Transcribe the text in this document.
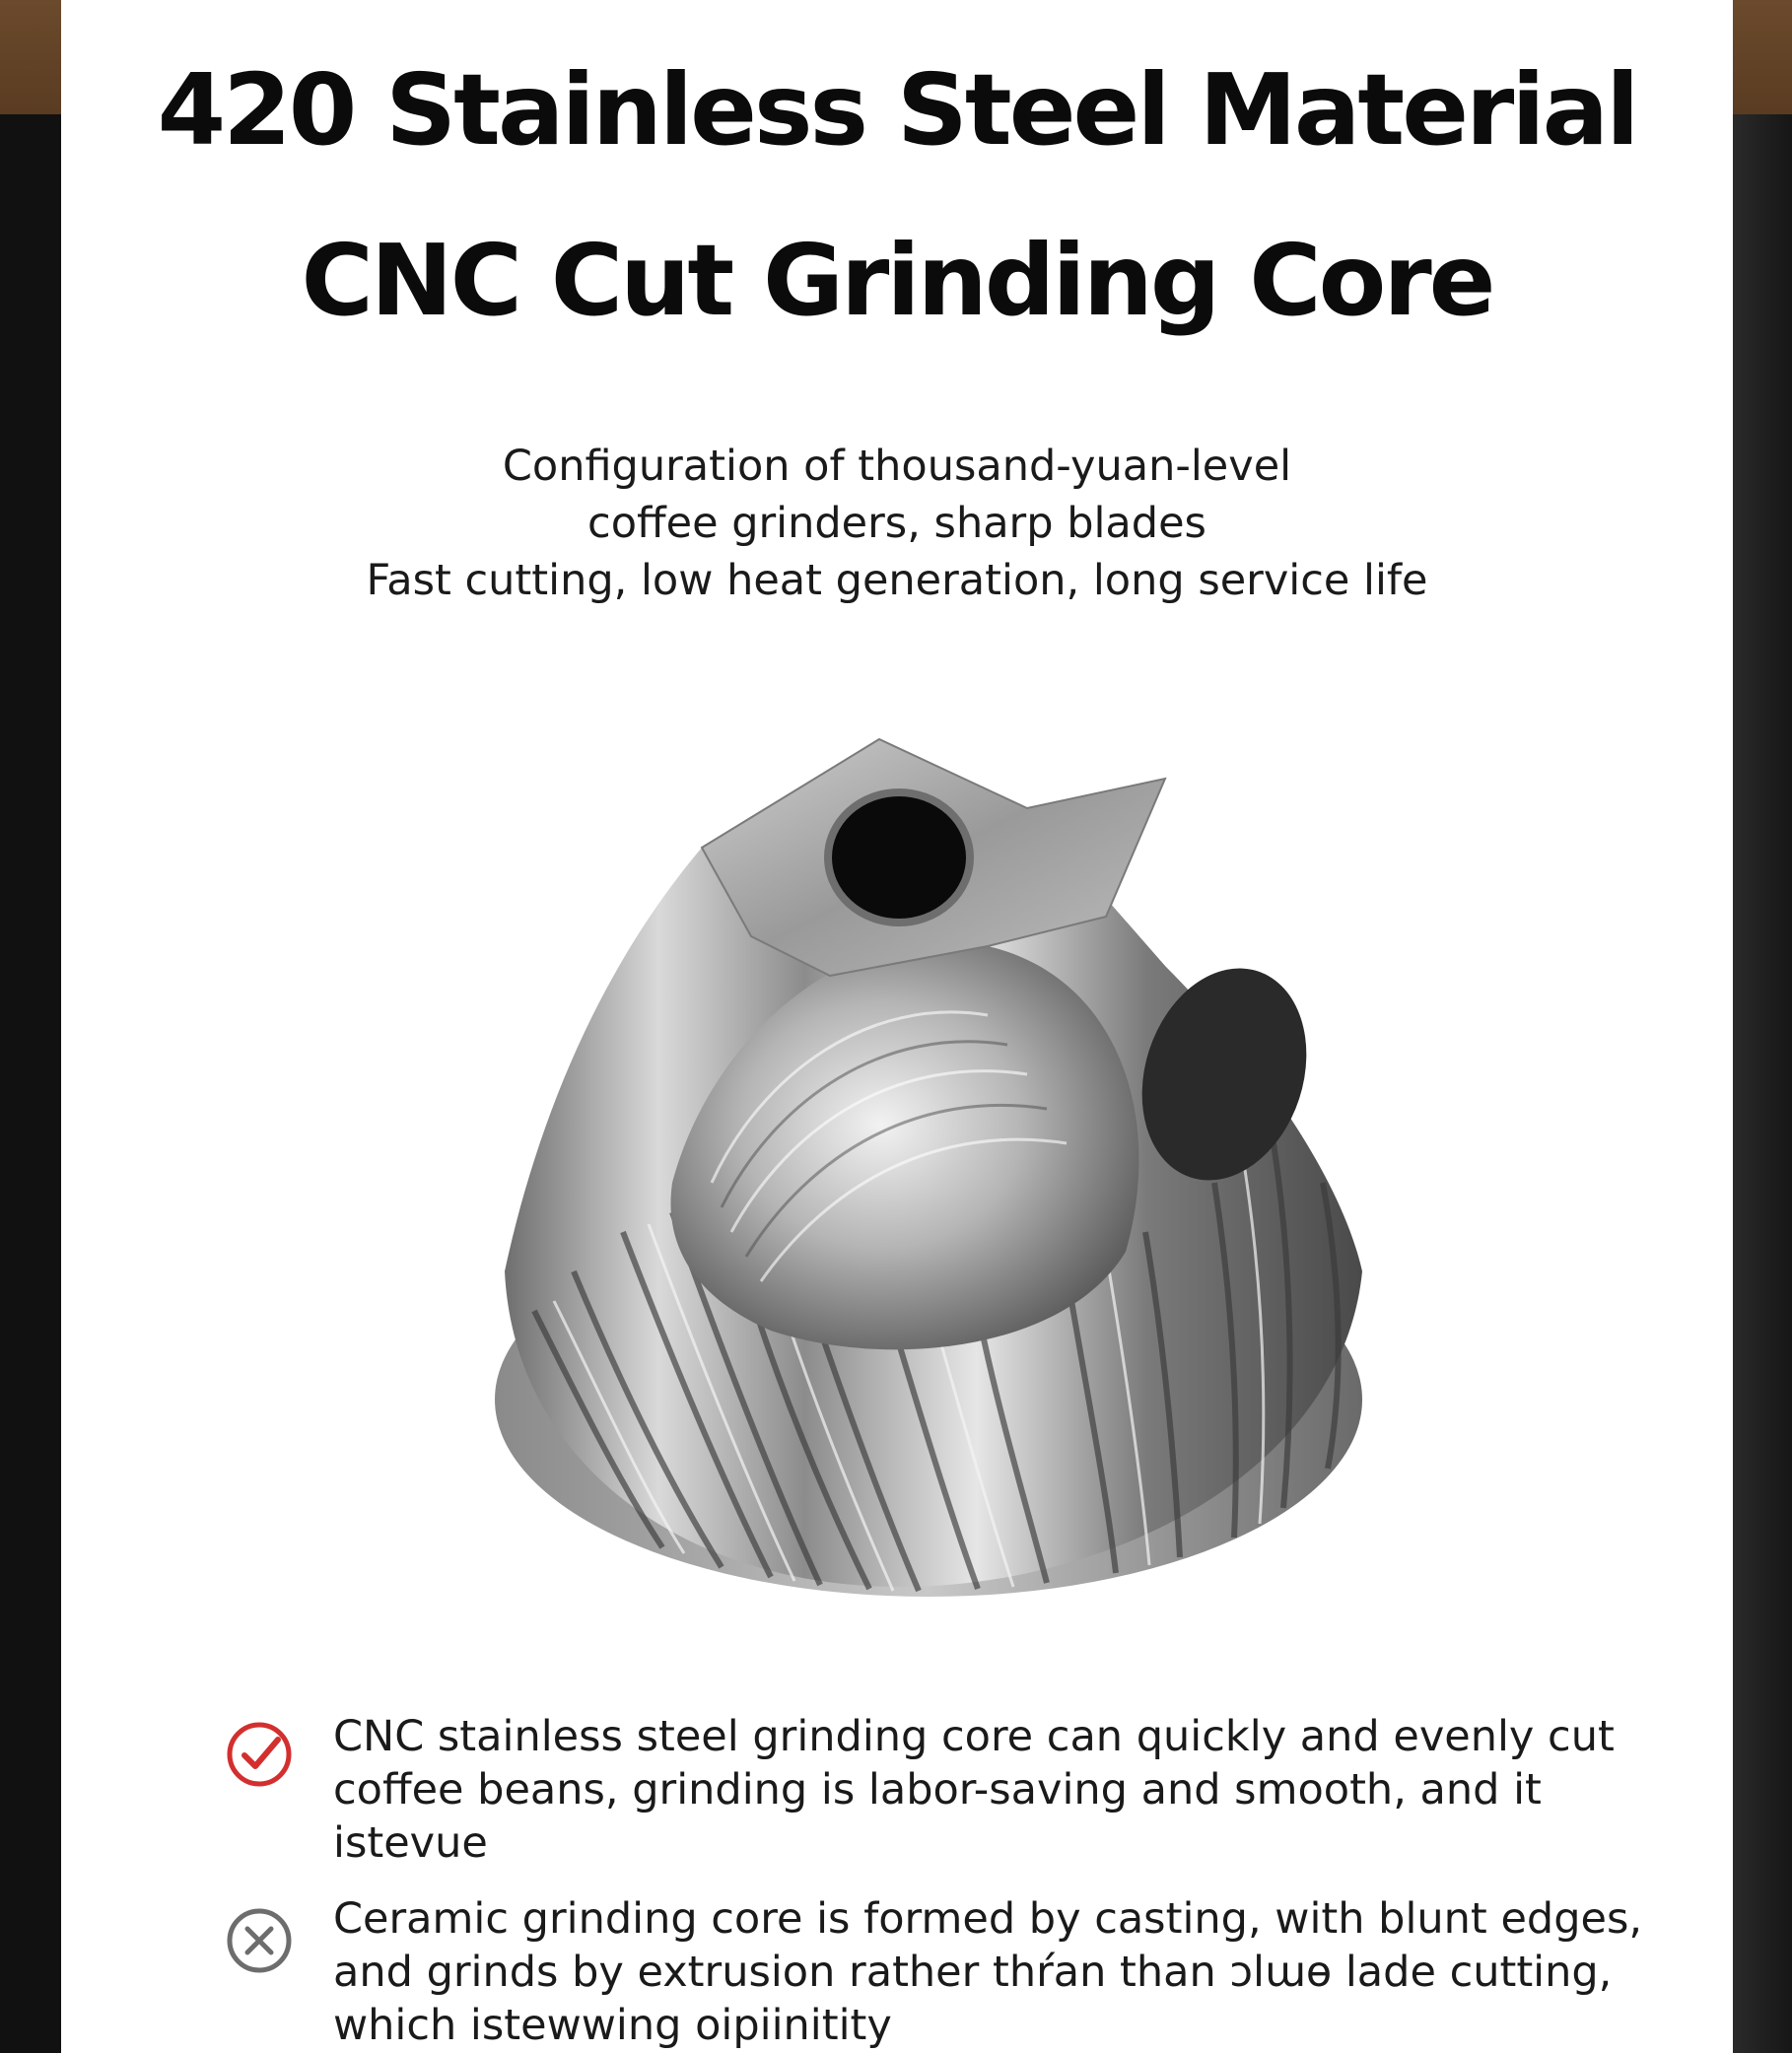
420 Stainless Steel Material
CNC Cut Grinding Core
Configuration of thousand-yuan-level
coffee grinders, sharp blades
Fast cutting, low heat generation, long service life
CNC stainless steel grinding core can quickly and evenly cut coffee beans, grinding is labor-saving and smooth, and it istevue
Ceramic grinding core is formed by casting, with blunt edges, and grinds by extrusion rather thŕan than ɔlɯɵ lade cutting, which istewwing oipiinitity
